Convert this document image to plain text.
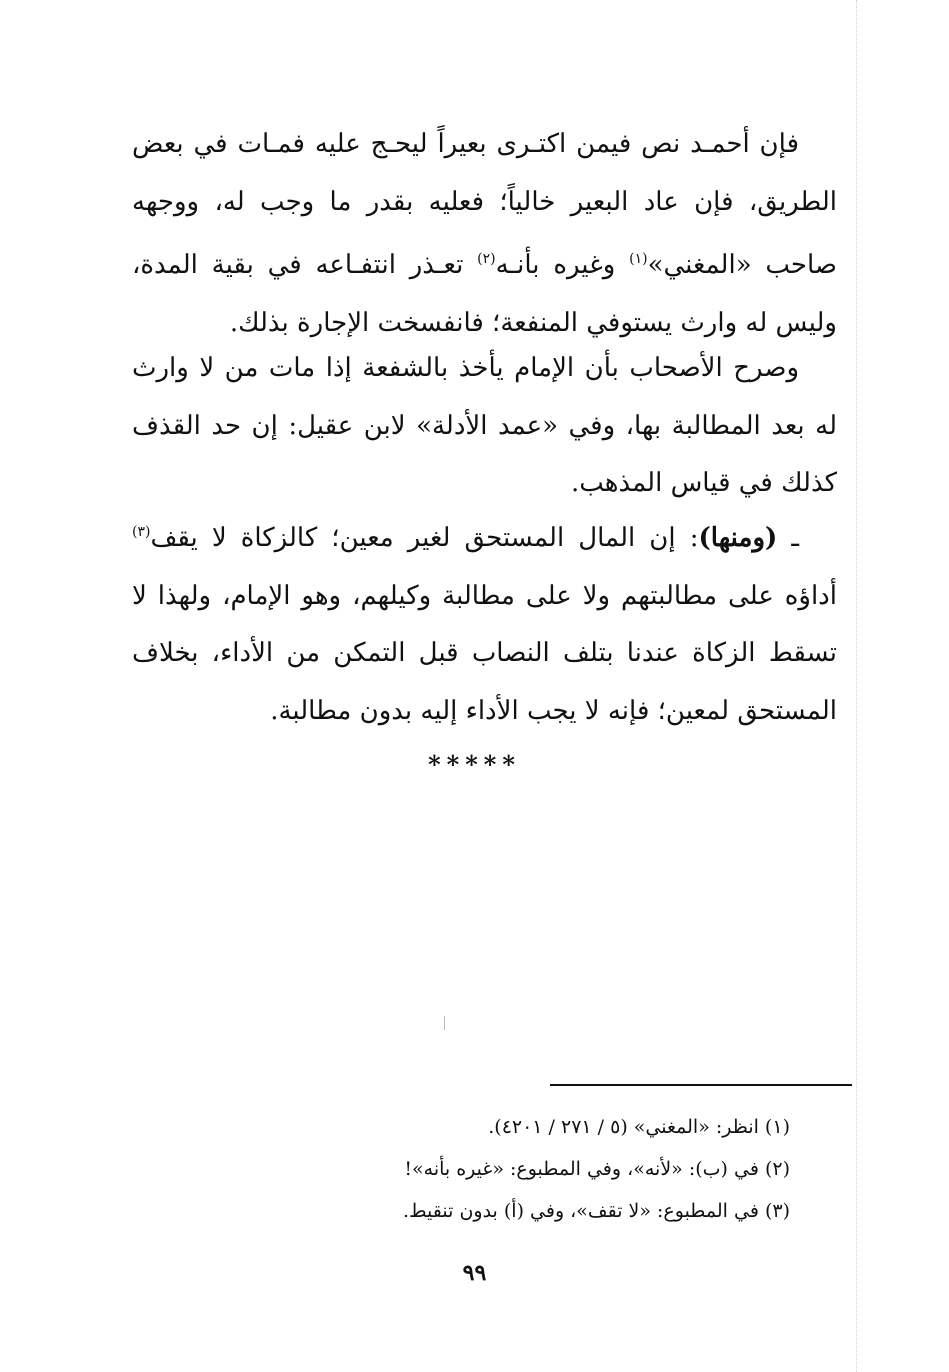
فإن أحمـد نص فيمن اكتـرى بعيراً ليحـج عليه فمـات في بعض الطريق، فإن عاد البعير خالياً؛ فعليه بقدر ما وجب له، ووجهه صاحب «المغني»$^{(١)}$ وغيره بأنـه$^{(٢)}$ تعـذر انتفـاعه في بقية المدة، وليس له وارث يستوفي المنفعة؛ فانفسخت الإجارة بذلك.

وصرح الأصحاب بأن الإمام يأخذ بالشفعة إذا مات من لا وارث له بعد المطالبة بها، وفي «عمد الأدلة» لابن عقيل: إن حد القذف كذلك في قياس المذهب.

ـ (ومنها): إن المال المستحق لغير معين؛ كالزكاة لا يقف$^{(٣)}$ أداؤه على مطالبتهم ولا على مطالبة وكيلهم، وهو الإمام، ولهذا لا تسقط الزكاة عندنا بتلف النصاب قبل التمكن من الأداء، بخلاف المستحق لمعين؛ فإنه لا يجب الأداء إليه بدون مطالبة.

*****
(١) انظر: «المغني» (٥ / ٢٧١ / ٤٢٠١).
(٢) في (ب): «لأنه»، وفي المطبوع: «غيره بأنه»!
(٣) في المطبوع: «لا تقف»، وفي (أ) بدون تنقيط.
٩٩
